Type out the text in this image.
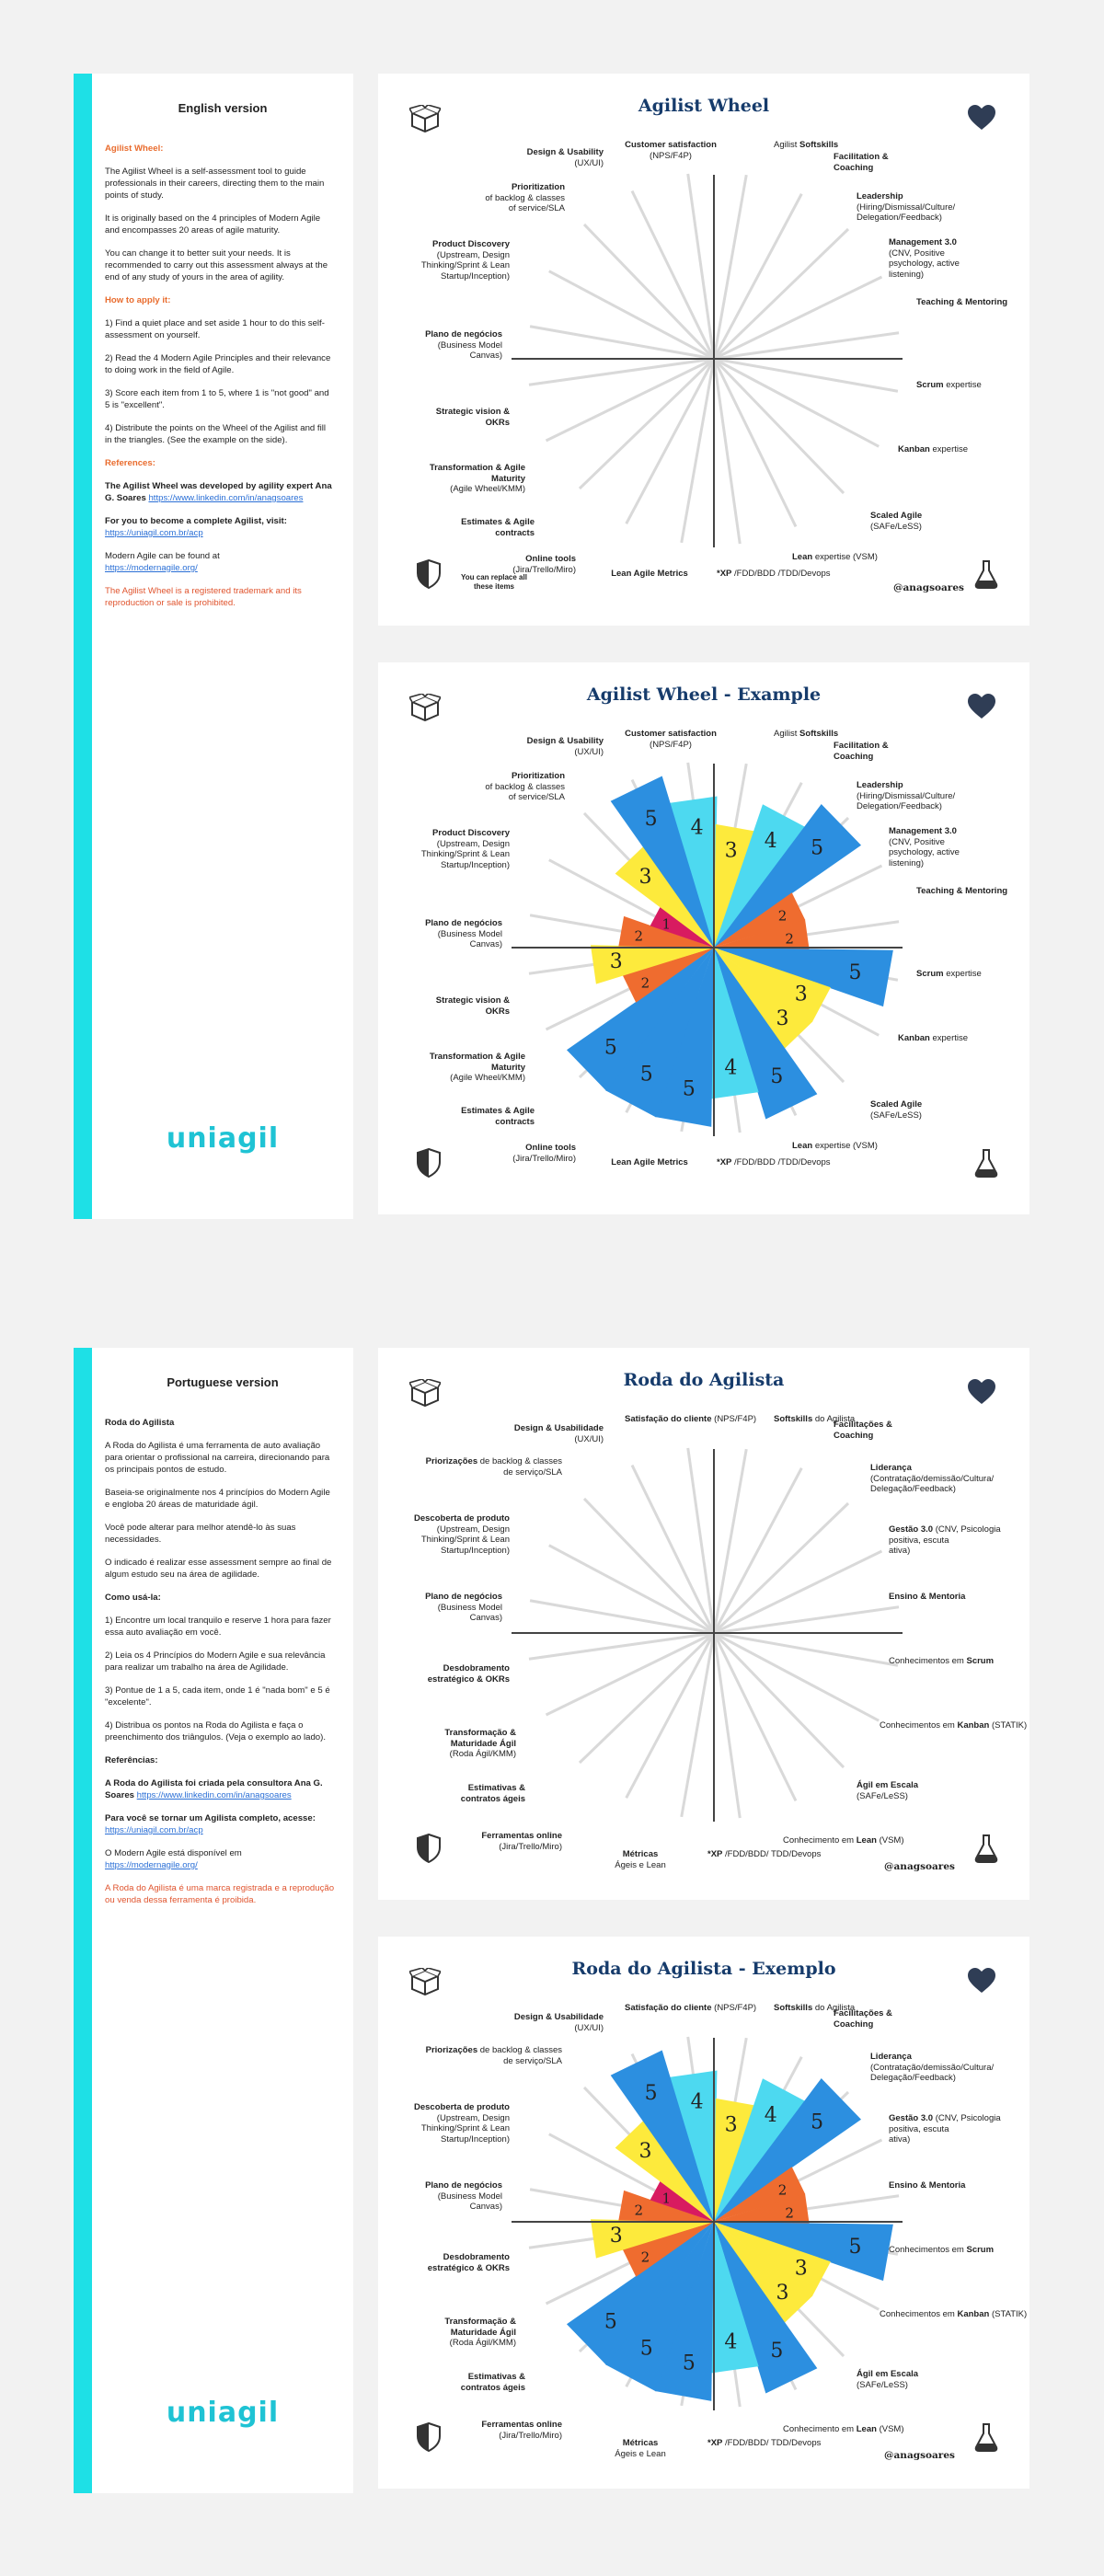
English version

Agilist Wheel:

The Agilist Wheel is a self-assessment tool to guide professionals in their careers, directing them to the main points of study.

It is originally based on the 4 principles of Modern Agile and encompasses 20 areas of agile maturity.

You can change it to better suit your needs. It is recommended to carry out this assessment always at the end of any study of yours in the area of agility.

How to apply it:

1) Find a quiet place and set aside 1 hour to do this self-assessment on yourself.

2) Read the 4 Modern Agile Principles and their relevance to doing work in the field of Agile.

3) Score each item from 1 to 5, where 1 is "not good" and 5 is "excellent".

4) Distribute the points on the Wheel of the Agilist and fill in the triangles. (See the example on the side).

References:

The Agilist Wheel was developed by agility expert Ana G. Soares https://www.linkedin.com/in/anagsoares

For you to become a complete Agilist, visit:
https://uniagil.com.br/acp

Modern Agile can be found at
https://modernagile.org/

The Agilist Wheel is a registered trademark and its reproduction or sale is prohibited.

uniagil
Agilist Wheel
You can replace all these items	@anagsoares
Design & Usability
(UX/UI)
Customer satisfaction
(NPS/F4P)
Agilist Softskills
Facilitation &
Coaching
Leadership
(Hiring/Dismissal/Culture/
Delegation/Feedback)
Management 3.0
(CNV, Positive
psychology, active
listening)
Teaching & Mentoring
Scrum expertise
Kanban expertise
Scaled Agile
(SAFe/LeSS)
Lean expertise (VSM)
*XP /FDD/BDD /TDD/Devops
Lean Agile Metrics
Online tools
(Jira/Trello/Miro)
Estimates & Agile
contracts
Transformation & Agile
Maturity
(Agile Wheel/KMM)
Strategic vision &
OKRs
Plano de negócios
(Business Model
Canvas)
Product Discovery
(Upstream, Design
Thinking/Sprint & Lean
Startup/Inception)
Prioritization
of backlog & classes
of service/SLA
4
3 4 5
2
2
5
3
3
5
4
5
5
5
2
3
2
1
3
5
Agilist Wheel - Example
Design & Usability
(UX/UI)
Customer satisfaction
(NPS/F4P)
Agilist Softskills
Facilitation &
Coaching
Leadership
(Hiring/Dismissal/Culture/
Delegation/Feedback)
Management 3.0
(CNV, Positive
psychology, active
listening)
Teaching & Mentoring
Scrum expertise
Kanban expertise
Scaled Agile
(SAFe/LeSS)
Lean expertise (VSM)
*XP /FDD/BDD /TDD/Devops
Lean Agile Metrics
Online tools
(Jira/Trello/Miro)
Estimates & Agile
contracts
Transformation & Agile
Maturity
(Agile Wheel/KMM)
Strategic vision &
OKRs
Plano de negócios
(Business Model
Canvas)
Product Discovery
(Upstream, Design
Thinking/Sprint & Lean
Startup/Inception)
Prioritization
of backlog & classes
of service/SLA
Portuguese version

Roda do Agilista

A Roda do Agilista é uma ferramenta de auto avaliação para orientar o profissional na carreira, direcionando para os principais pontos de estudo.

Baseia-se originalmente nos 4 princípios do Modern Agile e engloba 20 áreas de maturidade ágil.

Você pode alterar para melhor atendê-lo às suas necessidades.

O indicado é realizar esse assessment sempre ao final de algum estudo seu na área de agilidade.

Como usá-la:

1) Encontre um local tranquilo e reserve 1 hora para fazer essa auto avaliação em você.

2) Leia os 4 Princípios do Modern Agile e sua relevância para realizar um trabalho na área de Agilidade.

3) Pontue de 1 a 5, cada item, onde 1 é "nada bom" e 5 é "excelente".

4) Distribua os pontos na Roda do Agilista e faça o preenchimento dos triângulos. (Veja o exemplo ao lado).

Referências:

A Roda do Agilista foi criada pela consultora Ana G. Soares https://www.linkedin.com/in/anagsoares

Para você se tornar um Agilista completo, acesse:
https://uniagil.com.br/acp

O Modern Agile está disponível em
https://modernagile.org/

A Roda do Agilista é uma marca registrada e a reprodução ou venda dessa ferramenta é proibida.

uniagil
Roda do Agilista
@anagsoares
Design & Usabilidade
(UX/UI)
Satisfação do cliente (NPS/F4P) Softskills do Agilista
Facilitações &
Coaching
Liderança
(Contratação/demissão/Cultura/
Delegação/Feedback)
Gestão 3.0 (CNV, Psicologia
positiva, escuta
ativa)
Ensino & Mentoria
Conhecimentos em Scrum
Conhecimentos em Kanban (STATIK)
Ágil em Escala
(SAFe/LeSS)
Conhecimento em Lean (VSM)
*XP /FDD/BDD/ TDD/Devops
Métricas
Ágeis e Lean
Ferramentas online
(Jira/Trello/Miro)
Estimativas &
contratos ágeis
Transformação &
Maturidade Ágil
(Roda Ágil/KMM)
Desdobramento
estratégico & OKRs
Plano de negócios
(Business Model
Canvas)
Descoberta de produto
(Upstream, Design
Thinking/Sprint & Lean
Startup/Inception)
Priorizações de backlog & classes
de serviço/SLA
4
3 4 5
2
2
5
3
3
5
4
5
5
5
2
3
2
1
3
5
Roda do Agilista - Exemplo
@anagsoares
Design & Usabilidade
(UX/UI)
Satisfação do cliente (NPS/F4P) Softskills do Agilista
Facilitações &
Coaching
Liderança
(Contratação/demissão/Cultura/
Delegação/Feedback)
Gestão 3.0 (CNV, Psicologia
positiva, escuta
ativa)
Ensino & Mentoria
Conhecimentos em Scrum
Conhecimentos em Kanban (STATIK)
Ágil em Escala
(SAFe/LeSS)
Conhecimento em Lean (VSM)
*XP /FDD/BDD/ TDD/Devops
Métricas
Ágeis e Lean
Ferramentas online
(Jira/Trello/Miro)
Estimativas &
contratos ágeis
Transformação &
Maturidade Ágil
(Roda Ágil/KMM)
Desdobramento
estratégico & OKRs
Plano de negócios
(Business Model
Canvas)
Descoberta de produto
(Upstream, Design
Thinking/Sprint & Lean
Startup/Inception)
Priorizações de backlog & classes
de serviço/SLA
